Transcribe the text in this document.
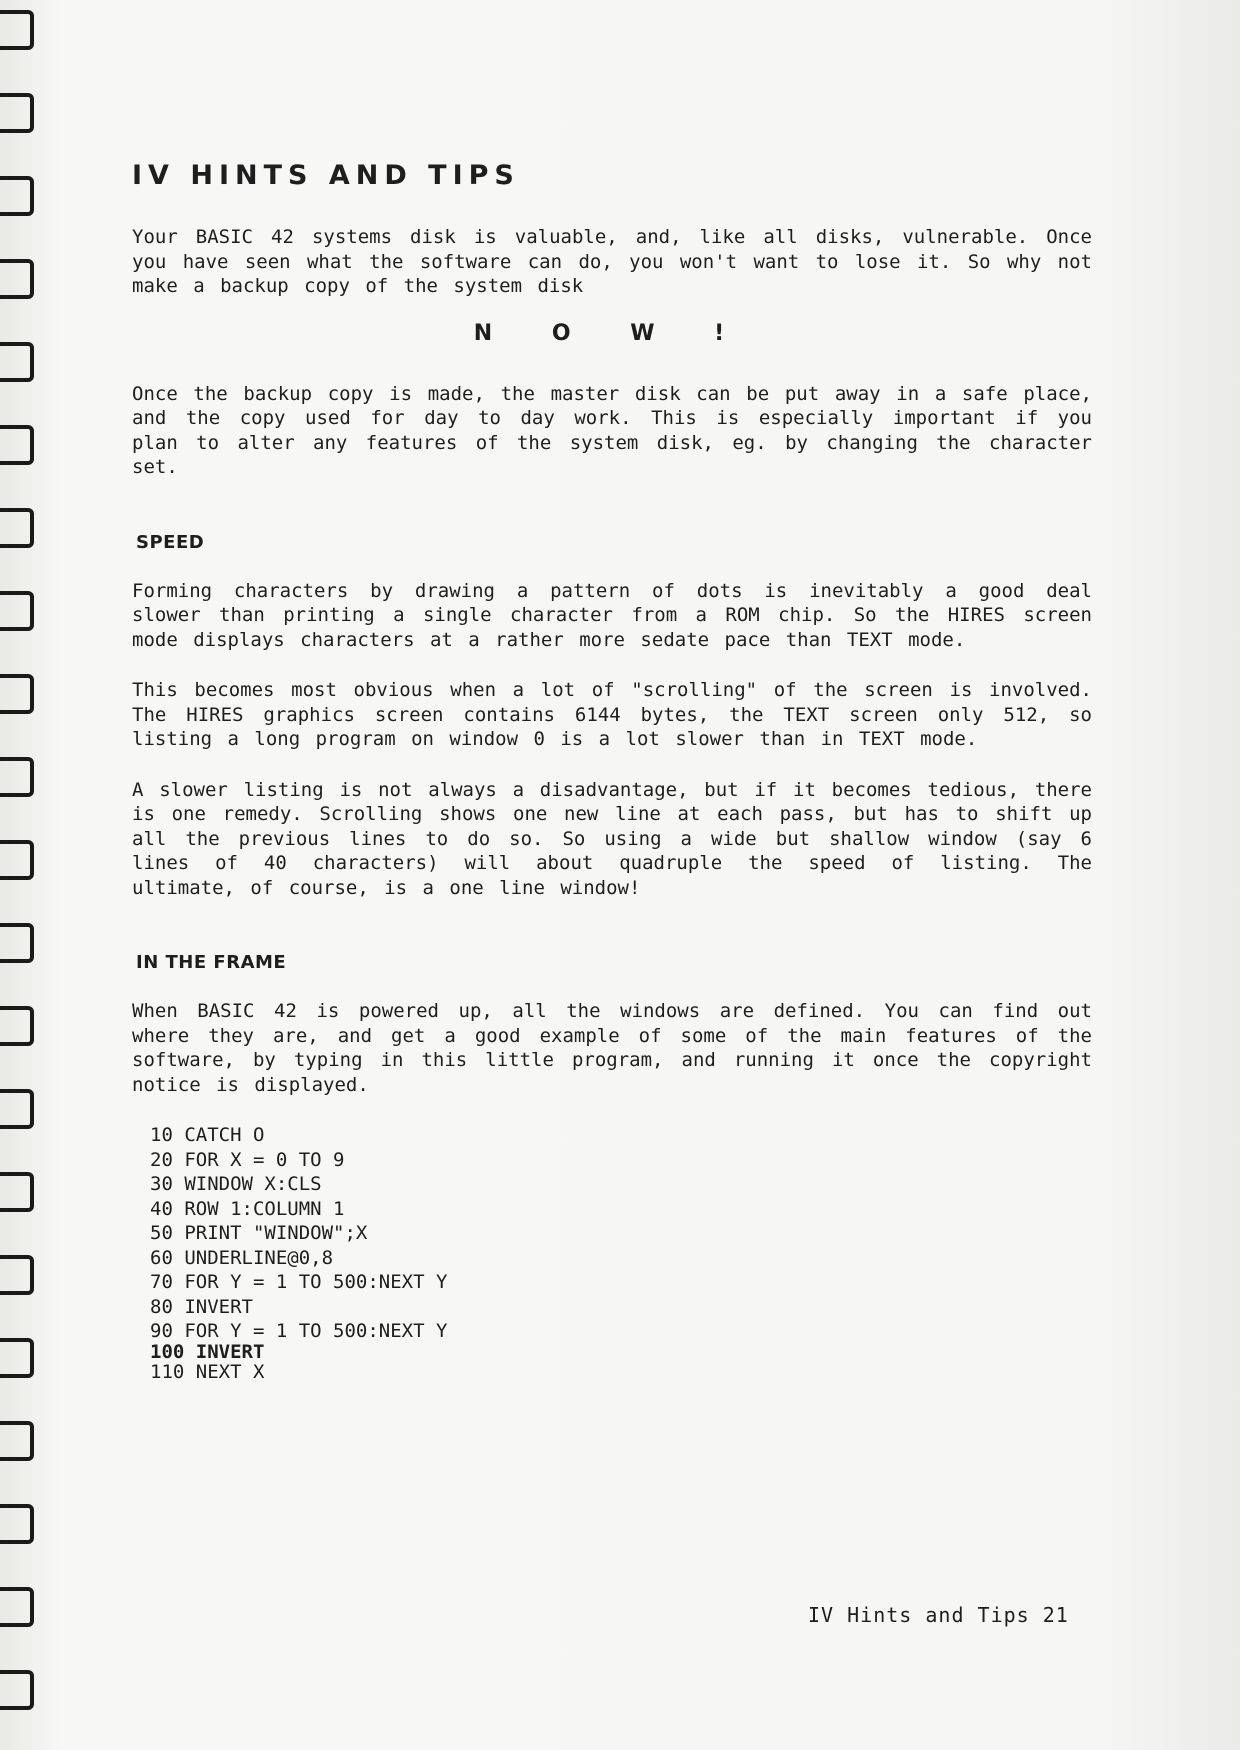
IV HINTS AND TIPS

Your BASIC 42 systems disk is valuable, and, like all disks, vulnerable. Once you have seen what the software can do, you won't want to lose it. So why not make a backup copy of the system disk

N O W !

Once the backup copy is made, the master disk can be put away in a safe place, and the copy used for day to day work. This is especially important if you plan to alter any features of the system disk, eg. by changing the character set.

SPEED

Forming characters by drawing a pattern of dots is inevitably a good deal slower than printing a single character from a ROM chip. So the HIRES screen mode displays characters at a rather more sedate pace than TEXT mode.

This becomes most obvious when a lot of "scrolling" of the screen is involved. The HIRES graphics screen contains 6144 bytes, the TEXT screen only 512, so listing a long program on window 0 is a lot slower than in TEXT mode.

A slower listing is not always a disadvantage, but if it becomes tedious, there is one remedy. Scrolling shows one new line at each pass, but has to shift up all the previous lines to do so. So using a wide but shallow window (say 6 lines of 40 characters) will about quadruple the speed of listing. The ultimate, of course, is a one line window!

IN THE FRAME

When BASIC 42 is powered up, all the windows are defined. You can find out where they are, and get a good example of some of the main features of the software, by typing in this little program, and running it once the copyright notice is displayed.

10 CATCH O
20 FOR X = 0 TO 9
30 WINDOW X:CLS
40 ROW 1:COLUMN 1
50 PRINT "WINDOW";X
60 UNDERLINE@0,8
70 FOR Y = 1 TO 500:NEXT Y
80 INVERT
90 FOR Y = 1 TO 500:NEXT Y
100 INVERT
110 NEXT X
IV Hints and Tips 21
